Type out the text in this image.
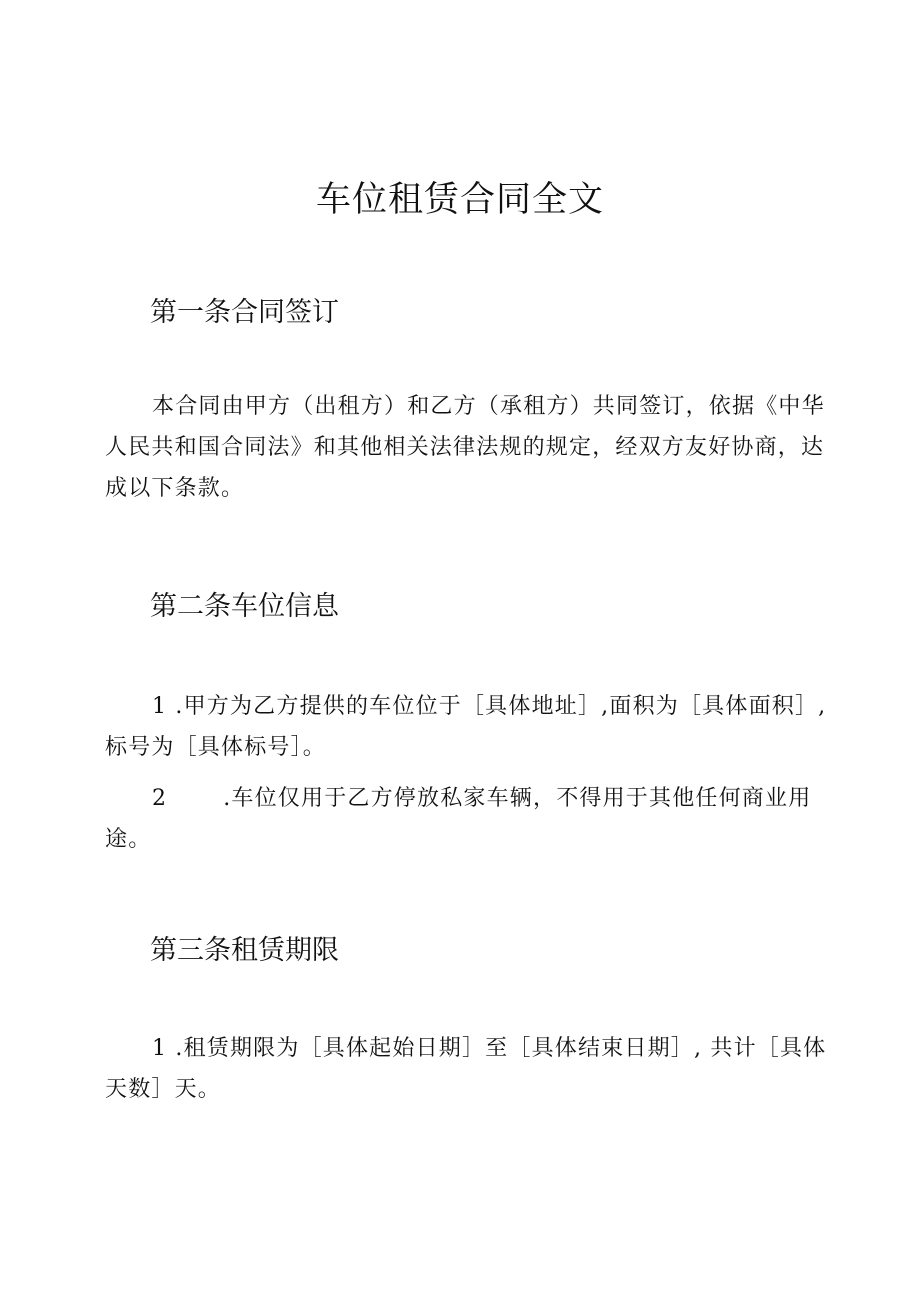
车位租赁合同全文
第一条合同签订

本合同由甲方（出租方）和乙方（承租方）共同签订，依据《中华
人民共和国合同法》和其他相关法律法规的规定，经双方友好协商，达
成以下条款。

第二条车位信息

1 .甲方为乙方提供的车位位于［具体地址］,面积为［具体面积］,
标号为［具体标号］。

2	.车位仅用于乙方停放私家车辆，不得用于其他任何商业用
途。

第三条租赁期限

1 .租赁期限为［具体起始日期］至［具体结束日期］, 共计［具体
天数］天。
